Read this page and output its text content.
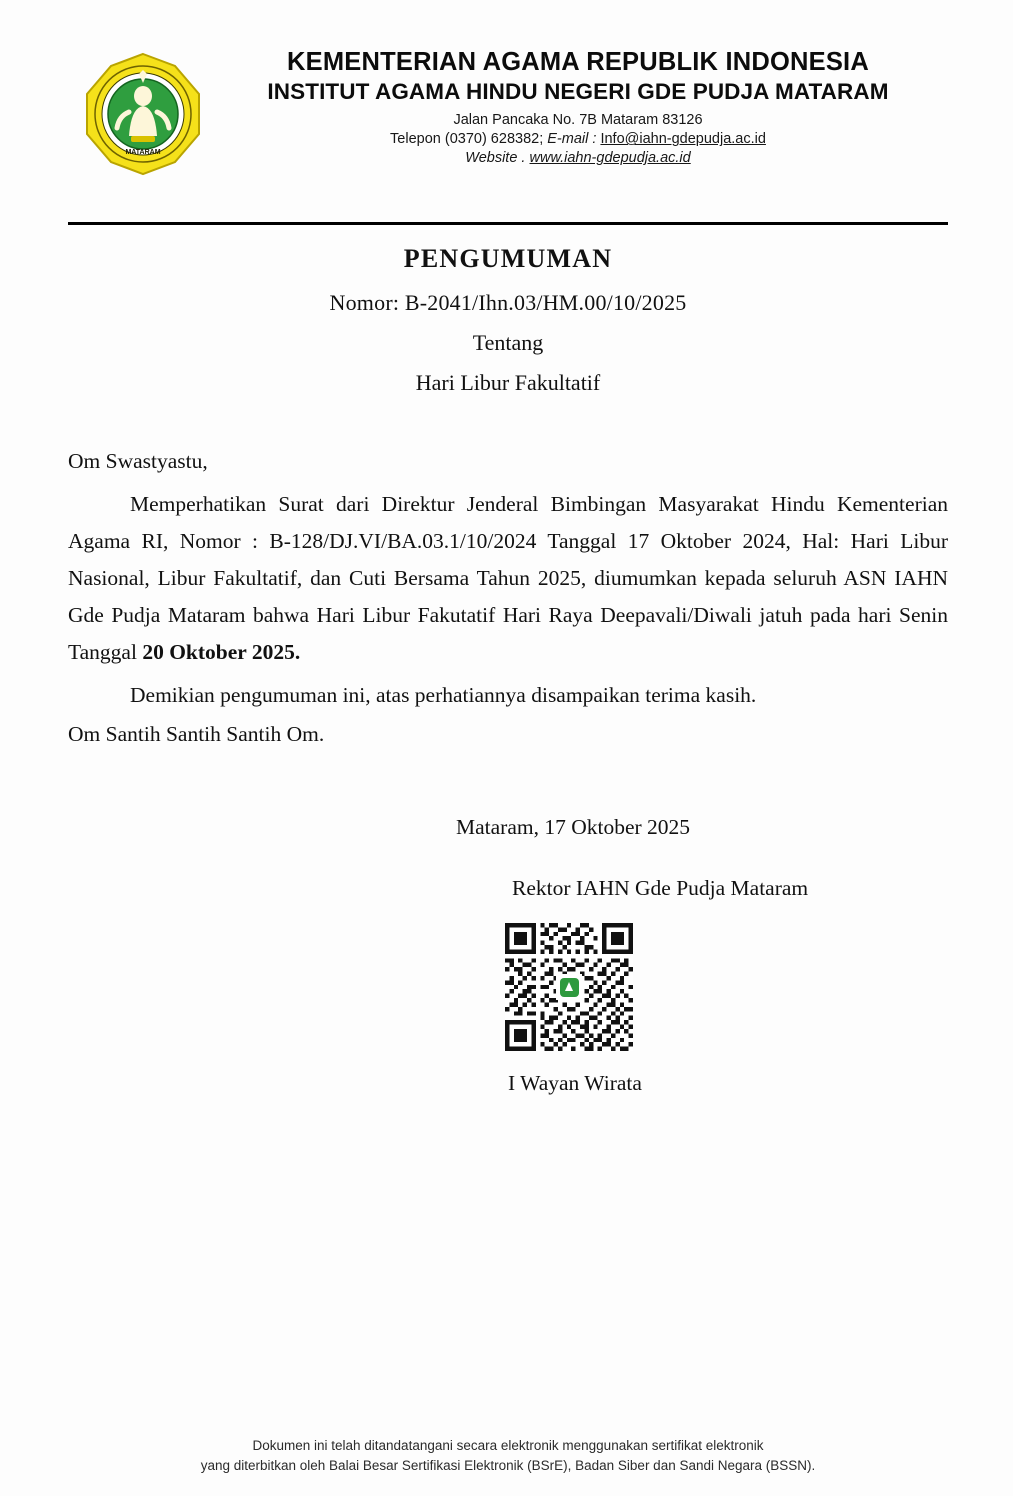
MATARAM
KEMENTERIAN AGAMA REPUBLIK INDONESIA
INSTITUT AGAMA HINDU NEGERI GDE PUDJA MATARAM
Jalan Pancaka No. 7B Mataram 83126
Telepon (0370) 628382; E-mail : Info@iahn-gdepudja.ac.id
Website . www.iahn-gdepudja.ac.id
PENGUMUMAN
Nomor: B-2041/Ihn.03/HM.00/10/2025
Tentang
Hari Libur Fakultatif

Om Swastyastu,

Memperhatikan Surat dari Direktur Jenderal Bimbingan Masyarakat Hindu Kementerian Agama RI, Nomor : B-128/DJ.VI/BA.03.1/10/2024 Tanggal 17 Oktober 2024, Hal: Hari Libur Nasional, Libur Fakultatif, dan Cuti Bersama Tahun 2025, diumumkan kepada seluruh ASN IAHN Gde Pudja Mataram bahwa Hari Libur Fakutatif Hari Raya Deepavali/Diwali jatuh pada hari Senin Tanggal 20 Oktober 2025.

Demikian pengumuman ini, atas perhatiannya disampaikan terima kasih.

Om Santih Santih Santih Om.

Mataram, 17 Oktober 2025
Rektor IAHN Gde Pudja Mataram
I Wayan Wirata
Dokumen ini telah ditandatangani secara elektronik menggunakan sertifikat elektronik
yang diterbitkan oleh Balai Besar Sertifikasi Elektronik (BSrE), Badan Siber dan Sandi Negara (BSSN).
